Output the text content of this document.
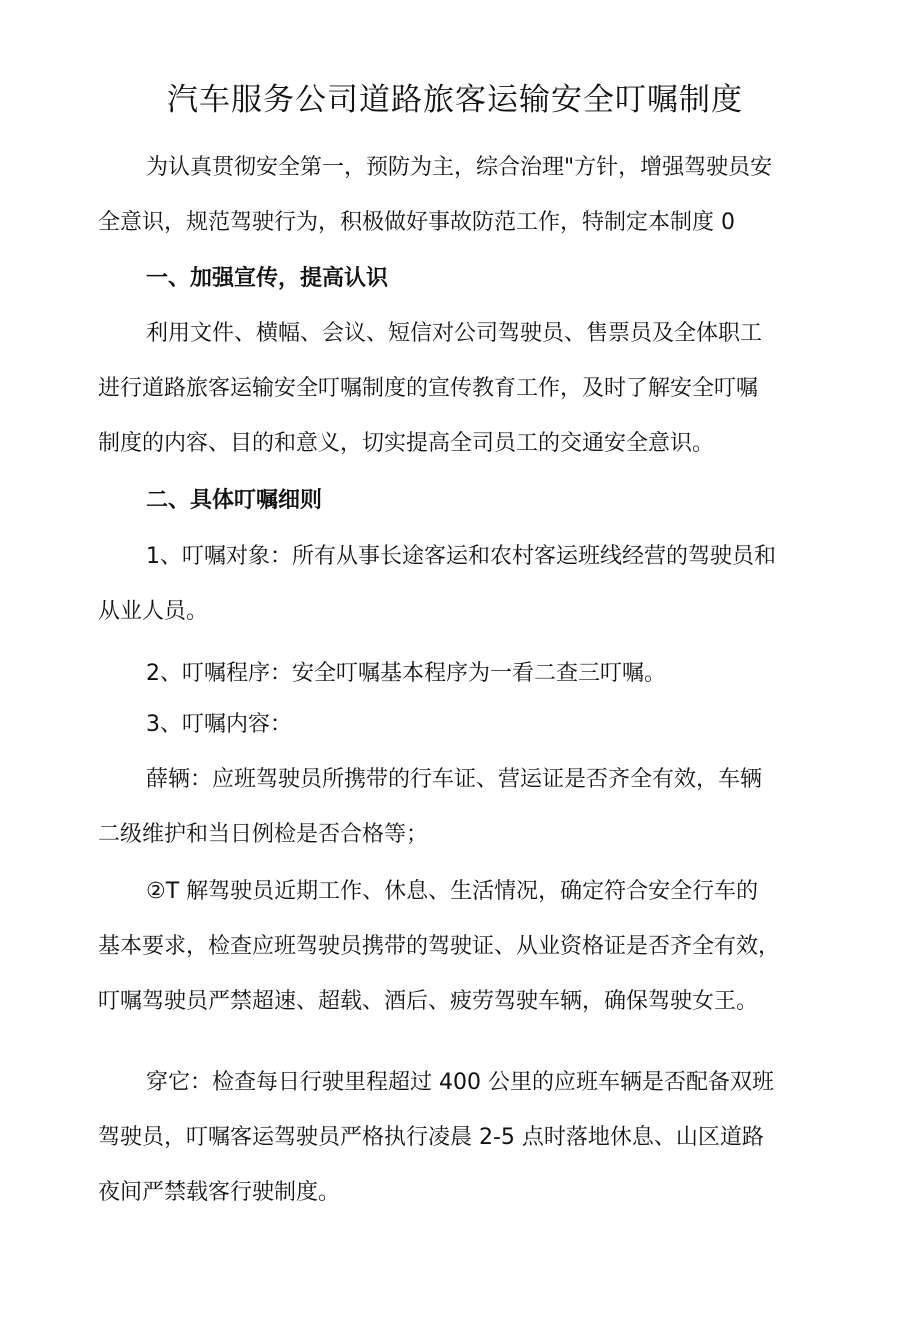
汽车服务公司道路旅客运输安全叮嘱制度
为认真贯彻安全第一，预防为主，综合治理"方针，增强驾驶员安
全意识，规范驾驶行为，积极做好事故防范工作，特制定本制度 0
一、加强宣传，提高认识
利用文件、横幅、会议、短信对公司驾驶员、售票员及全体职工
进行道路旅客运输安全叮嘱制度的宣传教育工作，及时了解安全叮嘱
制度的内容、目的和意义，切实提高全司员工的交通安全意识。
二、具体叮嘱细则
1、叮嘱对象：所有从事长途客运和农村客运班线经营的驾驶员和
从业人员。
2、叮嘱程序：安全叮嘱基本程序为一看二查三叮嘱。
3、叮嘱内容：
薛辆：应班驾驶员所携带的行车证、营运证是否齐全有效，车辆
二级维护和当日例检是否合格等；
②T 解驾驶员近期工作、休息、生活情况，确定符合安全行车的
基本要求，检查应班驾驶员携带的驾驶证、从业资格证是否齐全有效，
叮嘱驾驶员严禁超速、超载、酒后、疲劳驾驶车辆，确保驾驶女王。
穿它：检查每日行驶里程超过 400 公里的应班车辆是否配备双班
驾驶员，叮嘱客运驾驶员严格执行凌晨 2-5 点时落地休息、山区道路
夜间严禁载客行驶制度。
